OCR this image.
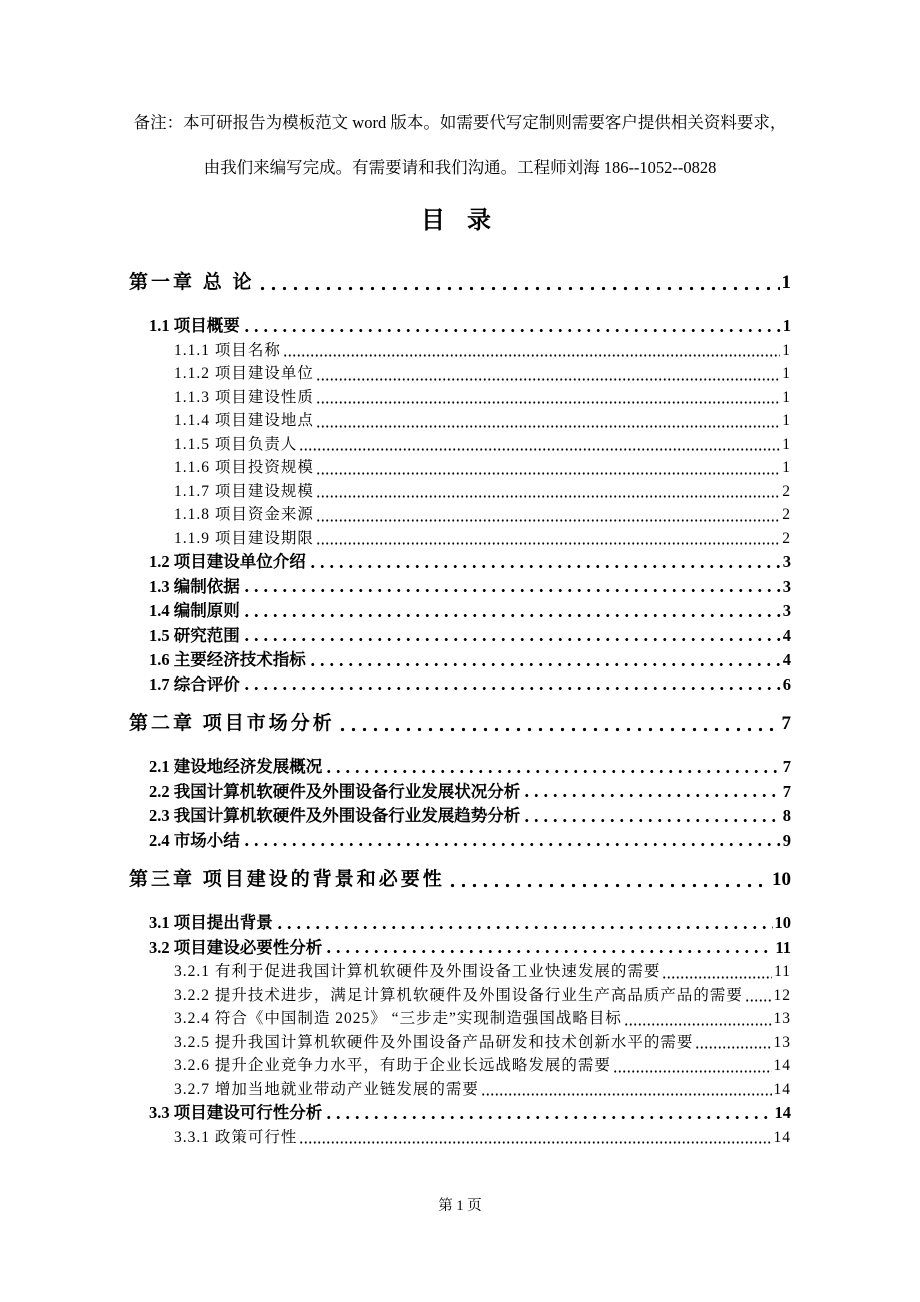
备注：本可研报告为模板范文 word 版本。如需要代写定制则需要客户提供相关资料要求，
由我们来编写完成。有需要请和我们沟通。工程师刘海 186--1052--0828
目 录
第一章 总 论	1
1.1 项目概要	1
1.1.1 项目名称	1
1.1.2 项目建设单位	1
1.1.3 项目建设性质	1
1.1.4 项目建设地点	1
1.1.5 项目负责人	1
1.1.6 项目投资规模	1
1.1.7 项目建设规模	2
1.1.8 项目资金来源	2
1.1.9 项目建设期限	2
1.2 项目建设单位介绍	3
1.3 编制依据	3
1.4 编制原则	3
1.5 研究范围	4
1.6 主要经济技术指标	4
1.7 综合评价	6
第二章 项目市场分析	7
2.1 建设地经济发展概况	7
2.2 我国计算机软硬件及外围设备行业发展状况分析	7
2.3 我国计算机软硬件及外围设备行业发展趋势分析	8
2.4 市场小结	9
第三章 项目建设的背景和必要性	10
3.1 项目提出背景	10
3.2 项目建设必要性分析	11
3.2.1 有利于促进我国计算机软硬件及外围设备工业快速发展的需要	11
3.2.2 提升技术进步，满足计算机软硬件及外围设备行业生产高品质产品的需要 12
3.2.4 符合《中国制造 2025》 “三步走”实现制造强国战略目标	13
3.2.5 提升我国计算机软硬件及外围设备产品研发和技术创新水平的需要	13
3.2.6 提升企业竞争力水平，有助于企业长远战略发展的需要	14
3.2.7 增加当地就业带动产业链发展的需要	14
3.3 项目建设可行性分析	14
3.3.1 政策可行性	14
第 1 页
